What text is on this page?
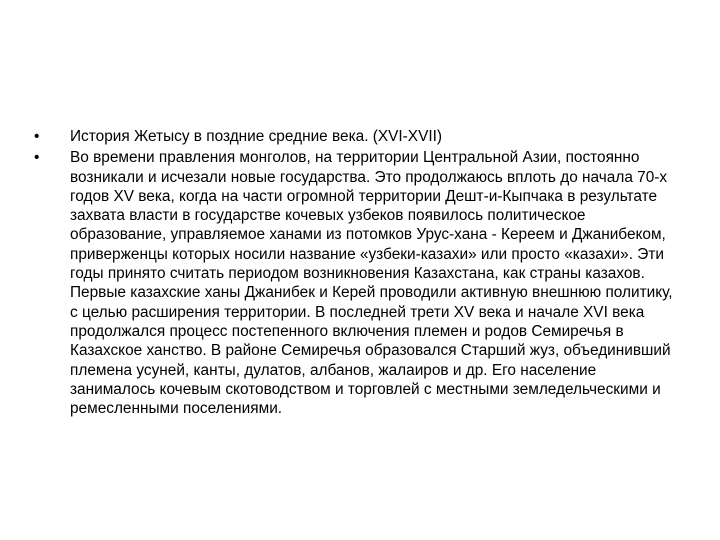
•	История Жетысу в поздние средние века. (XVI-XVII)
•	Во времени правления монголов, на территории Центральной Азии, постоянно возникали и исчезали новые государства. Это продолжаюсь вплоть до начала 70-х годов XV века, когда на части огромной территории Дешт-и-Кыпчака в результате захвата власти в государстве кочевых узбеков появилось политическое образование, управляемое ханами из потомков Урус-хана - Кереем и Джанибеком, приверженцы которых носили название «узбеки-казахи» или просто «казахи». Эти годы принято считать периодом возникновения Казахстана, как страны казахов. Первые казахские ханы Джанибек и Керей проводили активную внешнюю политику, с целью расширения территории. В последней трети XV века и начале XVI века продолжался процесс постепенного включения племен и родов Семиречья в Казахское ханство. В районе Семиречья образовался Старший жуз, объединивший племена усуней, канты, дулатов, албанов, жалаиров и др. Его население занималось кочевым скотоводством и торговлей с местными земледельческими и ремесленными поселениями.
